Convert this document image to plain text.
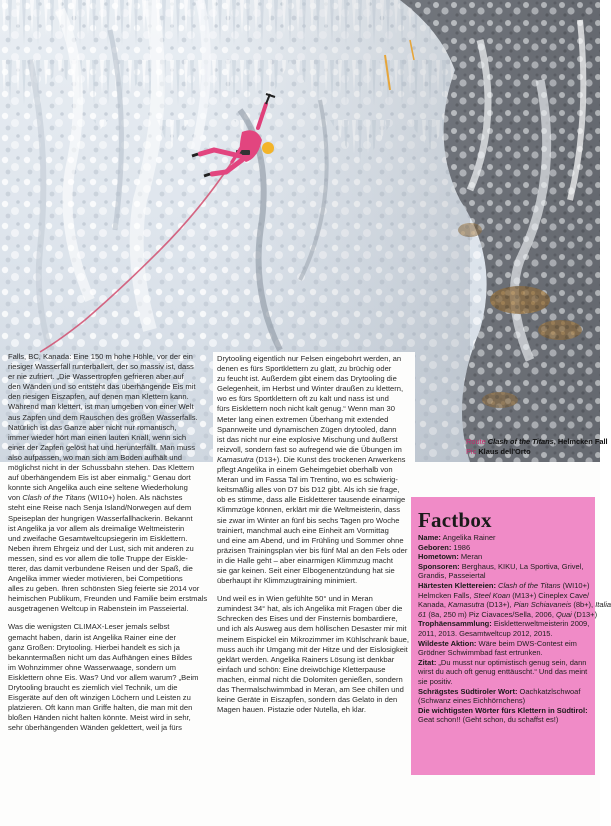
Route Clash of the Titans, Helmcken Fall
Pic Klaus dell'Orto

Falls, BC, Kanada: Eine 150 m hohe Höhle, vor der ein
riesiger Wasserfall runterballert, der so massiv ist, dass
er nie zufriert. „Die Wassertropfen gefrieren aber auf
den Wänden und so entsteht das überhängende Eis mit
den riesigen Eiszapfen, auf denen man Klettern kann.
Während man klettert, ist man umgeben von einer Welt
aus Zapfen und dem Rauschen des großen Wasserfalls.
Natürlich ist das Ganze aber nicht nur romantisch,
immer wieder hört man einen lauten Knall, wenn sich
einer der Zapfen gelöst hat und herunterfällt. Man muss
also aufpassen, wo man sich am Boden aufhält und
möglichst nicht in der Schussbahn stehen. Das Klettern
auf überhängendem Eis ist aber einmalig.“ Genau dort
konnte sich Angelika auch eine seltene Wiederholung
von Clash of the Titans (WI10+) holen. Als nächstes
steht eine Reise nach Senja Island/Norwegen auf dem
Speiseplan der hungrigen Wasserfallhackerin. Bekannt
ist Angelika ja vor allem als dreimalige Weltmeisterin
und zweifache Gesamtweltcupsiegerin im Eisklettern.
Neben ihrem Ehrgeiz und der Lust, sich mit anderen zu
messen, sind es vor allem die tolle Truppe der Eiskle-
tterer, das damit verbundene Reisen und der Spaß, die
Angelika immer wieder motivieren, bei Competitions
alles zu geben. Ihren schönsten Sieg feierte sie 2014 vor
heimischen Publikum, Freunden und Familie beim erstmals
ausgetragenen Weltcup in Rabenstein im Passeiertal.

Was die wenigsten CLIMAX-Leser jemals selbst
gemacht haben, darin ist Angelika Rainer eine der
ganz Großen: Drytooling. Hierbei handelt es sich ja
bekanntermaßen nicht um das Aufhängen eines Bildes
im Wohnzimmer ohne Wasserwaage, sondern um
Eisklettern ohne Eis. Was? Und vor allem warum? „Beim
Drytooling braucht es ziemlich viel Technik, um die
Eisgeräte auf den oft winzigen Löchern und Leisten zu
platzieren. Oft kann man Griffe halten, die man mit den
bloßen Händen nicht halten könnte. Meist wird in sehr,
sehr überhängenden Wänden geklettert, weil ja fürs

Drytooling eigentlich nur Felsen eingebohrt werden, an
denen es fürs Sportklettern zu glatt, zu brüchig oder
zu feucht ist. Außerdem gibt einem das Drytooling die
Gelegenheit, im Herbst und Winter draußen zu klettern,
wo es fürs Sportklettern oft zu kalt und nass ist und
fürs Eisklettern noch nicht kalt genug.“ Wenn man 30
Meter lang einen extremen Überhang mit extended
Spannweite und dynamischen Zügen drytooled, dann
ist das nicht nur eine explosive Mischung und äußerst
reizvoll, sondern fast so aufregend wie die Übungen im
Kamasutra (D13+). Die Kunst des trockenen Anwerkens
pflegt Angelika in einem Geheimgebiet oberhalb von
Meran und im Fassa Tal im Trentino, wo es schwierig-
keitsmäßig alles von D7 bis D12 gibt. Als ich sie frage,
ob es stimme, dass alle Eiskletterer tausende einarmige
Klimmzüge können, erklärt mir die Weltmeisterin, dass
sie zwar im Winter an fünf bis sechs Tagen pro Woche
trainiert, manchmal auch eine Einheit am Vormittag
und eine am Abend, und im Frühling und Sommer ohne
präzisen Trainingsplan vier bis fünf Mal an den Fels oder
in die Halle geht – aber einarmigen Klimmzug macht
sie gar keinen. Seit einer Elbogenentzündung hat sie
überhaupt ihr Klimmzugtraining minimiert.

Und weil es in Wien gefühlte 50° und in Meran
zumindest 34° hat, als ich Angelika mit Fragen über die
Schrecken des Eises und der Finsternis bombardiere,
und ich als Ausweg aus dem höllischen Desaster mir mit
meinem Eispickel ein Mikrozimmer im Kühlschrank baue,
muss auch ihr Umgang mit der Hitze und der Eislosigkeit
geklärt werden. Angelika Rainers Lösung ist denkbar
einfach und schön: Eine dreiwöchige Kletterpause
machen, einmal nicht die Dolomiten genießen, sondern
das Thermalschwimmbad in Meran, am See chillen und
keine Geräte in Eiszapfen, sondern das Gelato in den
Magen hauen. Pistazie oder Nutella, eh klar.

Factbox
Name: Angelika Rainer
Geboren: 1986
Hometown: Meran
Sponsoren: Berghaus, KIKU, La Sportiva, Grivel,
Grandis, Passeiertal
Härtesten Klettereien: Clash of the Titans (WI10+)
Helmcken Falls, Steel Koan (M13+) Cineplex Cave/
Kanada, Kamasutra (D13+), Pian Schiavaneis (8b+), Italia
61 (8a, 250 m) Piz Ciavaces/Sella, 2006, Quai (D13+)
Trophäensammlung: Eiskletterweltmeisterin 2009,
2011, 2013. Gesamtweltcup 2012, 2015.
Wildeste Aktion: Wäre beim DWS-Contest eim
Grödner Schwimmbad fast ertrunken.
Zitat: „Du musst nur optimistisch genug sein, dann
wirst du auch oft genug enttäuscht.“ Und das meint
sie positiv.
Schrägstes Südtiroler Wort: Oachkatzlschwoaf
(Schwanz eines Eichhörnchens)
Die wichtigsten Wörter fürs Klettern in Südtirol:
Geat schon!! (Geht schon, du schaffst es!)
